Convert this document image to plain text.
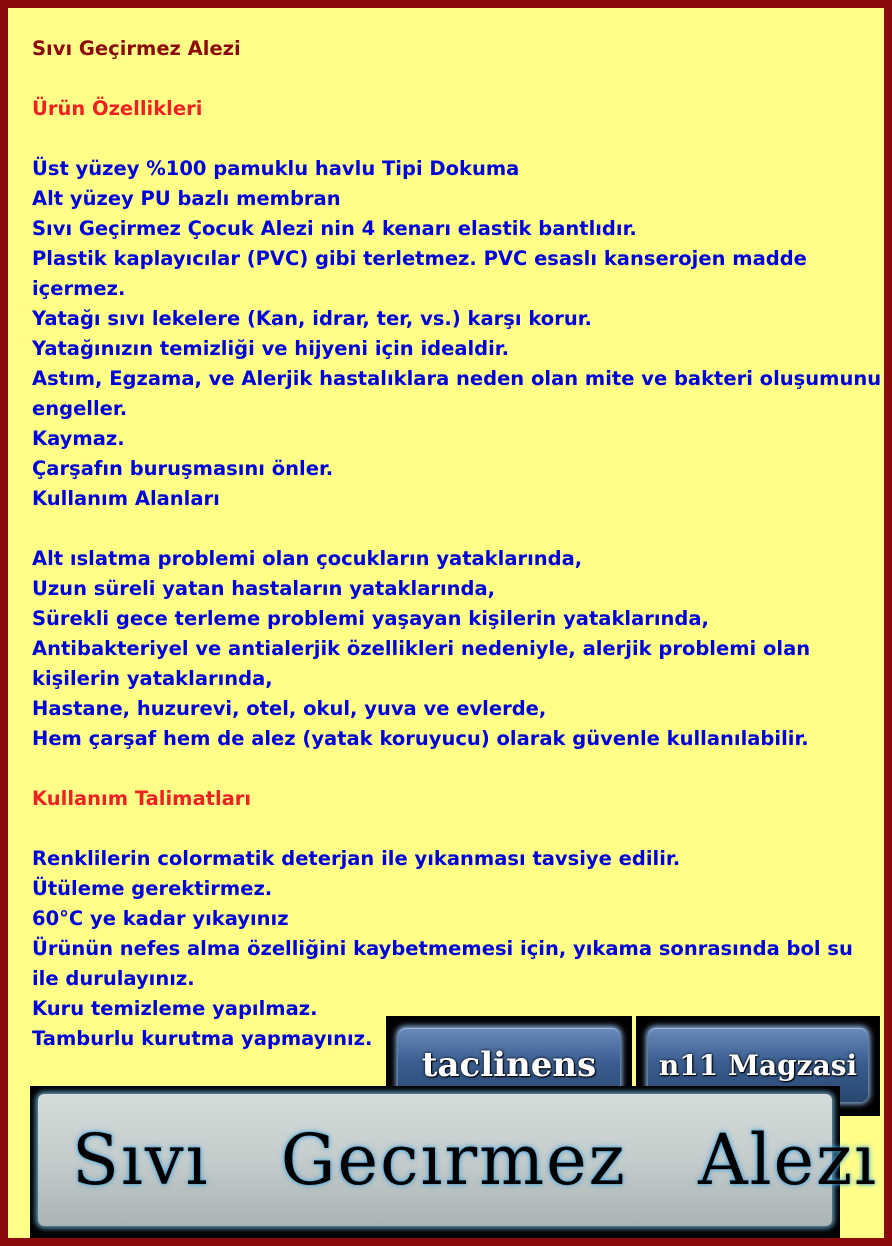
Sıvı Geçirmez Alezi
Ürün Özellikleri
Üst yüzey %100 pamuklu havlu Tipi Dokuma
Alt yüzey PU bazlı membran
Sıvı Geçirmez Çocuk Alezi nin 4 kenarı elastik bantlıdır.
Plastik kaplayıcılar (PVC) gibi terletmez. PVC esaslı kanserojen madde içermez.
Yatağı sıvı lekelere (Kan, idrar, ter, vs.) karşı korur.
Yatağınızın temizliği ve hijyeni için idealdir.
Astım, Egzama, ve Alerjik hastalıklara neden olan mite ve bakteri oluşumunu engeller.
Kaymaz.
Çarşafın buruşmasını önler.
Kullanım Alanları
Alt ıslatma problemi olan çocukların yataklarında,
Uzun süreli yatan hastaların yataklarında,
Sürekli gece terleme problemi yaşayan kişilerin yataklarında,
Antibakteriyel ve antialerjik özellikleri nedeniyle, alerjik problemi olan kişilerin yataklarında,
Hastane, huzurevi, otel, okul, yuva ve evlerde,
Hem çarşaf hem de alez (yatak koruyucu) olarak güvenle kullanılabilir.
Kullanım Talimatları
Renklilerin colormatik deterjan ile yıkanması tavsiye edilir.
Ütüleme gerektirmez.
60°C ye kadar yıkayınız
Ürünün nefes alma özelliğini kaybetmemesi için, yıkama sonrasında bol su ile durulayınız.
Kuru temizleme yapılmaz.
Tamburlu kurutma yapmayınız.
taclinens n11 Magzasi
Sıvı   Gecırmez   Alezı
